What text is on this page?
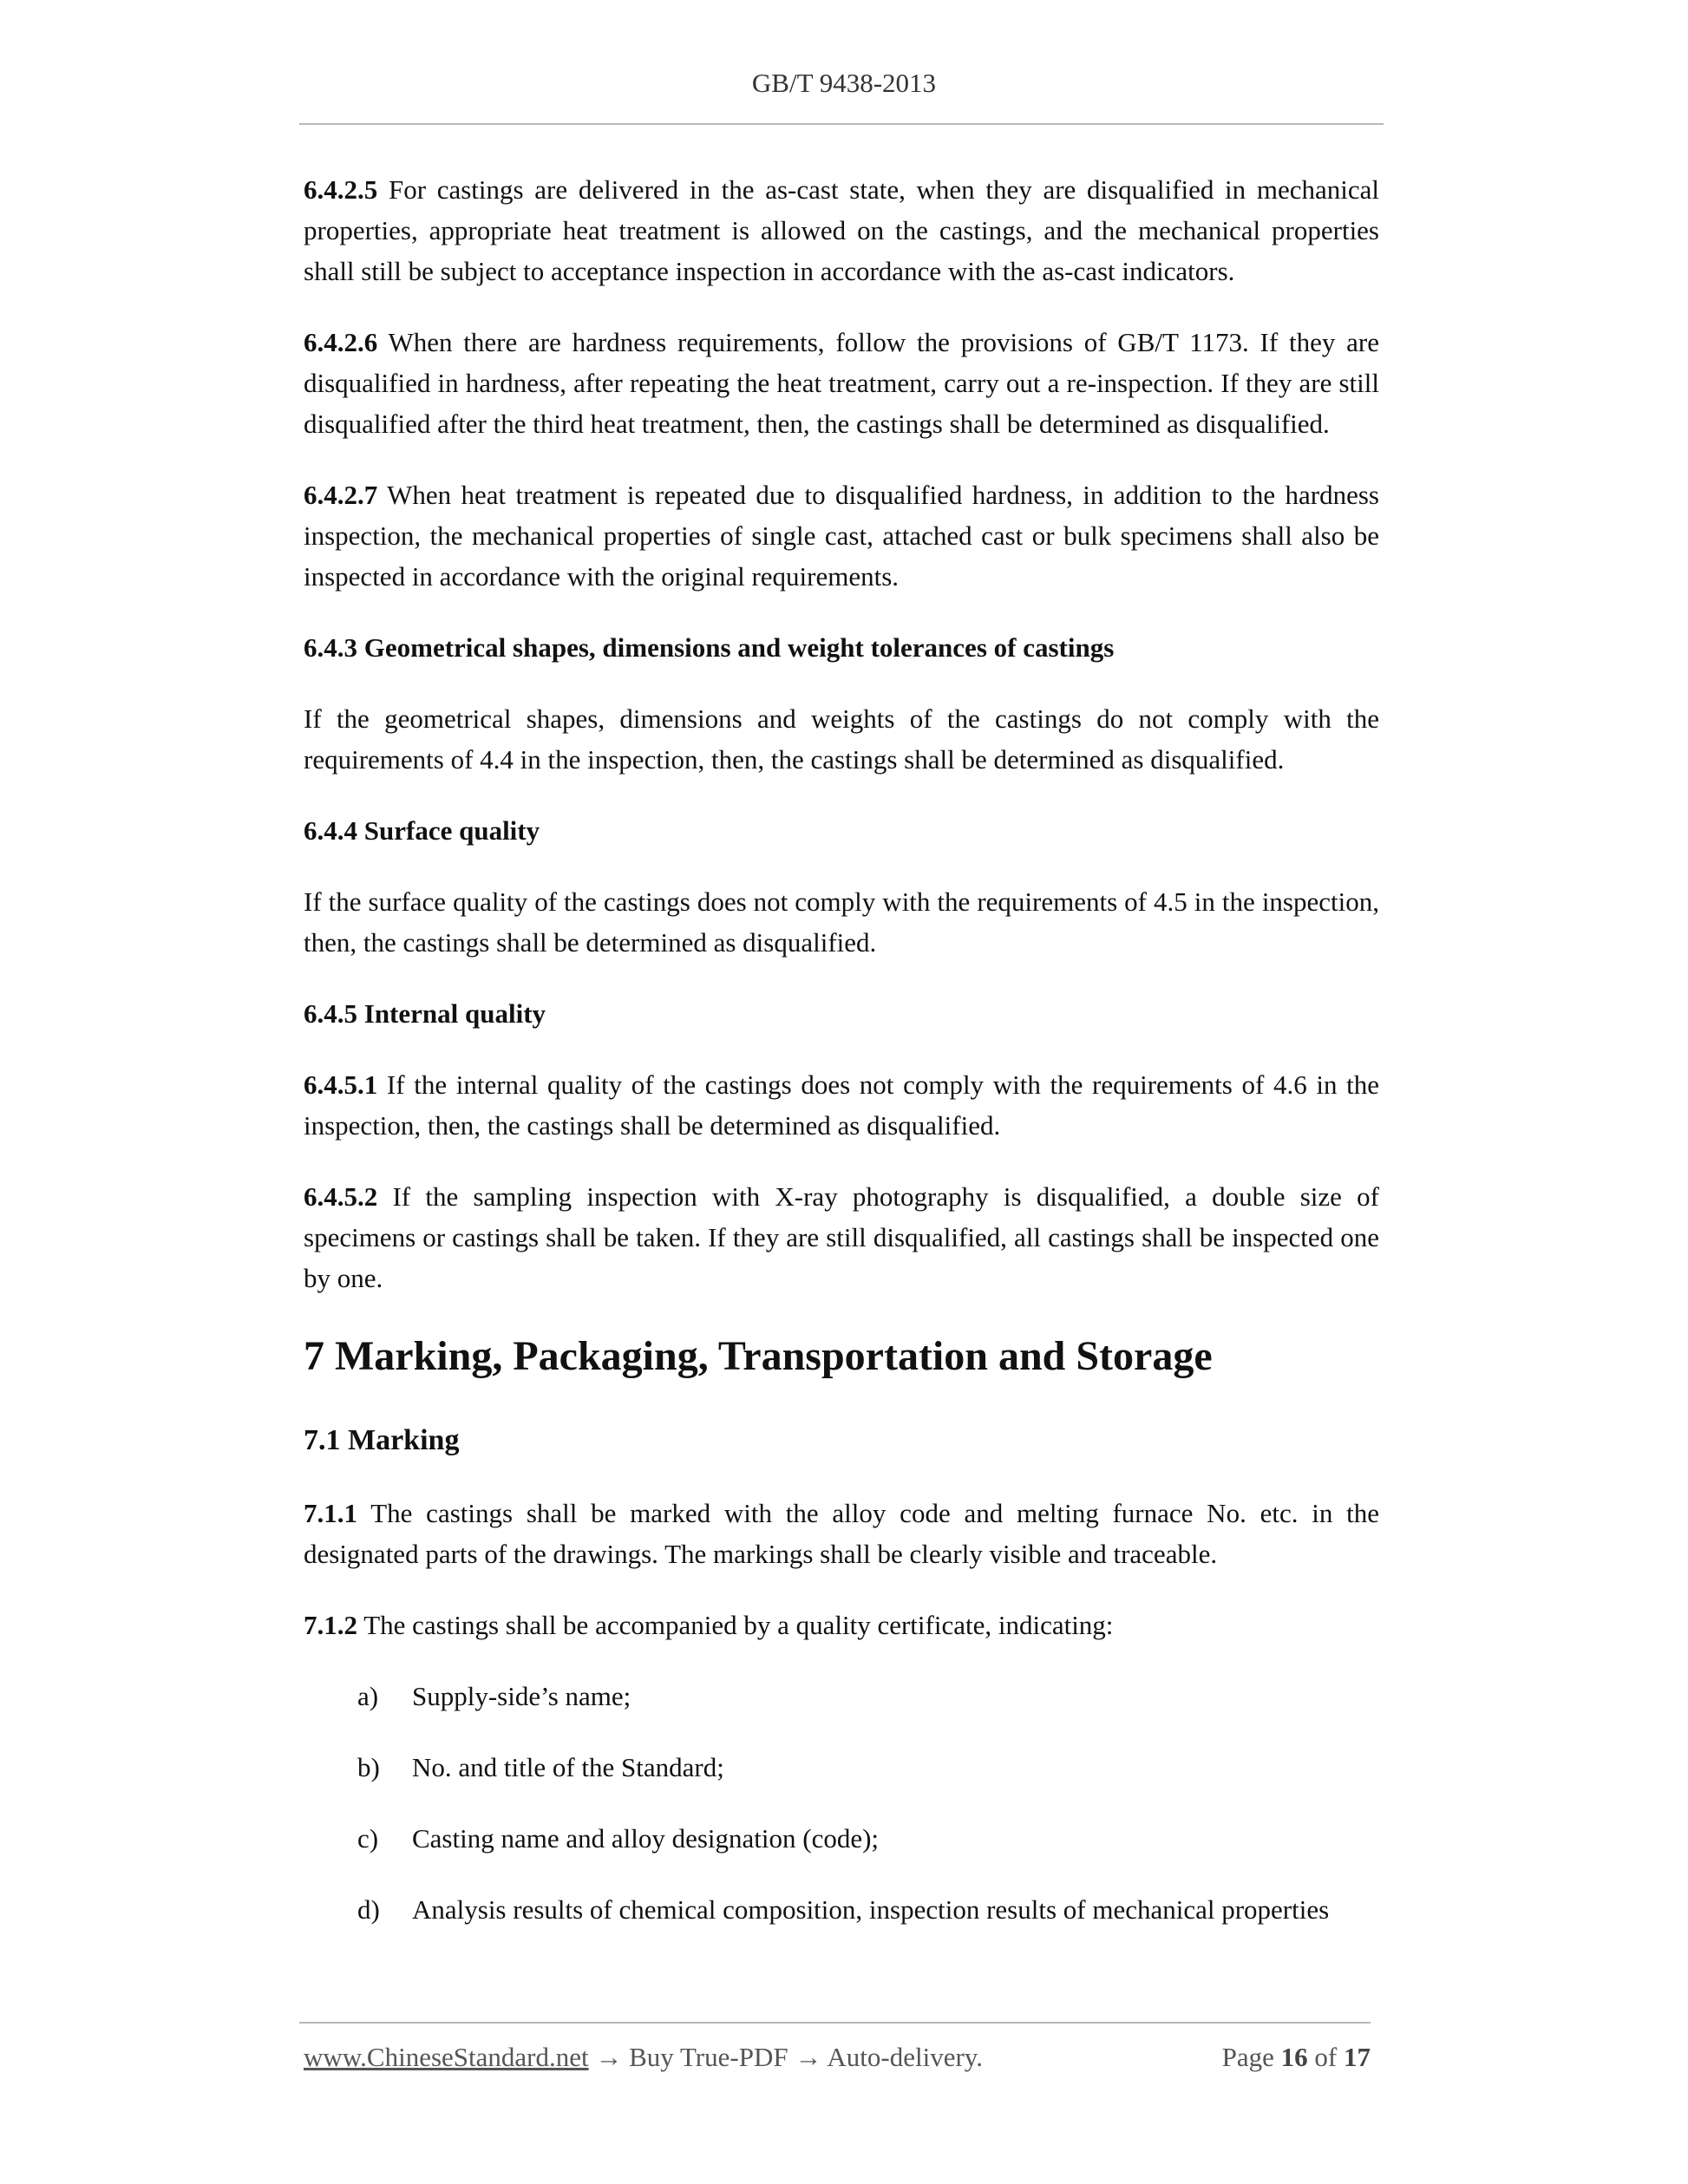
GB/T 9438-2013

6.4.2.5 For castings are delivered in the as-cast state, when they are disqualified in mechanical properties, appropriate heat treatment is allowed on the castings, and the mechanical properties shall still be subject to acceptance inspection in accordance with the as-cast indicators.

6.4.2.6 When there are hardness requirements, follow the provisions of GB/T 1173. If they are disqualified in hardness, after repeating the heat treatment, carry out a re-inspection. If they are still disqualified after the third heat treatment, then, the castings shall be determined as disqualified.

6.4.2.7 When heat treatment is repeated due to disqualified hardness, in addition to the hardness inspection, the mechanical properties of single cast, attached cast or bulk specimens shall also be inspected in accordance with the original requirements.

6.4.3 Geometrical shapes, dimensions and weight tolerances of castings

If the geometrical shapes, dimensions and weights of the castings do not comply with the requirements of 4.4 in the inspection, then, the castings shall be determined as disqualified.

6.4.4 Surface quality

If the surface quality of the castings does not comply with the requirements of 4.5 in the inspection, then, the castings shall be determined as disqualified.

6.4.5 Internal quality

6.4.5.1 If the internal quality of the castings does not comply with the requirements of 4.6 in the inspection, then, the castings shall be determined as disqualified.

6.4.5.2 If the sampling inspection with X-ray photography is disqualified, a double size of specimens or castings shall be taken. If they are still disqualified, all castings shall be inspected one by one.

7 Marking, Packaging, Transportation and Storage
7.1 Marking

7.1.1 The castings shall be marked with the alloy code and melting furnace No. etc. in the designated parts of the drawings. The markings shall be clearly visible and traceable.

7.1.2 The castings shall be accompanied by a quality certificate, indicating:

a) Supply-side’s name;
b) No. and title of the Standard;
c) Casting name and alloy designation (code);
d) Analysis results of chemical composition, inspection results of mechanical properties
www.ChineseStandard.net → Buy True-PDF → Auto-delivery.	Page 16 of 17
